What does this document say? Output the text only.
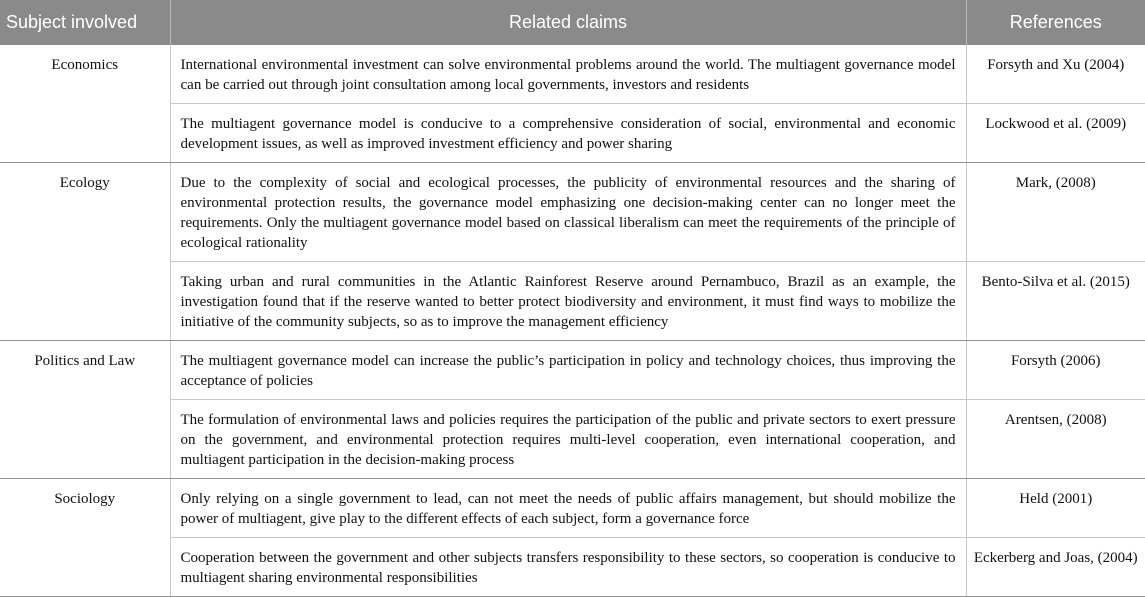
Subject involved	Related claims	References
Economics	International environmental investment can solve environmental problems around the world. The multiagent governance model can be carried out through joint consultation among local governments, investors and residents	Forsyth and Xu (2004)
	The multiagent governance model is conducive to a comprehensive consideration of social, environmental and economic development issues, as well as improved investment efficiency and power sharing	Lockwood et al. (2009)
Ecology	Due to the complexity of social and ecological processes, the publicity of environmental resources and the sharing of environmental protection results, the governance model emphasizing one decision-making center can no longer meet the requirements. Only the multiagent governance model based on classical liberalism can meet the requirements of the principle of ecological rationality	Mark, (2008)
	Taking urban and rural communities in the Atlantic Rainforest Reserve around Pernambuco, Brazil as an example, the investigation found that if the reserve wanted to better protect biodiversity and environment, it must find ways to mobilize the initiative of the community subjects, so as to improve the management efficiency	Bento-Silva et al. (2015)
Politics and Law	The multiagent governance model can increase the public’s participation in policy and technology choices, thus improving the acceptance of policies	Forsyth (2006)
	The formulation of environmental laws and policies requires the participation of the public and private sectors to exert pressure on the government, and environmental protection requires multi-level cooperation, even international cooperation, and multiagent participation in the decision-making process	Arentsen, (2008)
Sociology	Only relying on a single government to lead, can not meet the needs of public affairs management, but should mobilize the power of multiagent, give play to the different effects of each subject, form a governance force	Held (2001)
	Cooperation between the government and other subjects transfers responsibility to these sectors, so cooperation is conducive to multiagent sharing environmental responsibilities	Eckerberg and Joas, (2004)
